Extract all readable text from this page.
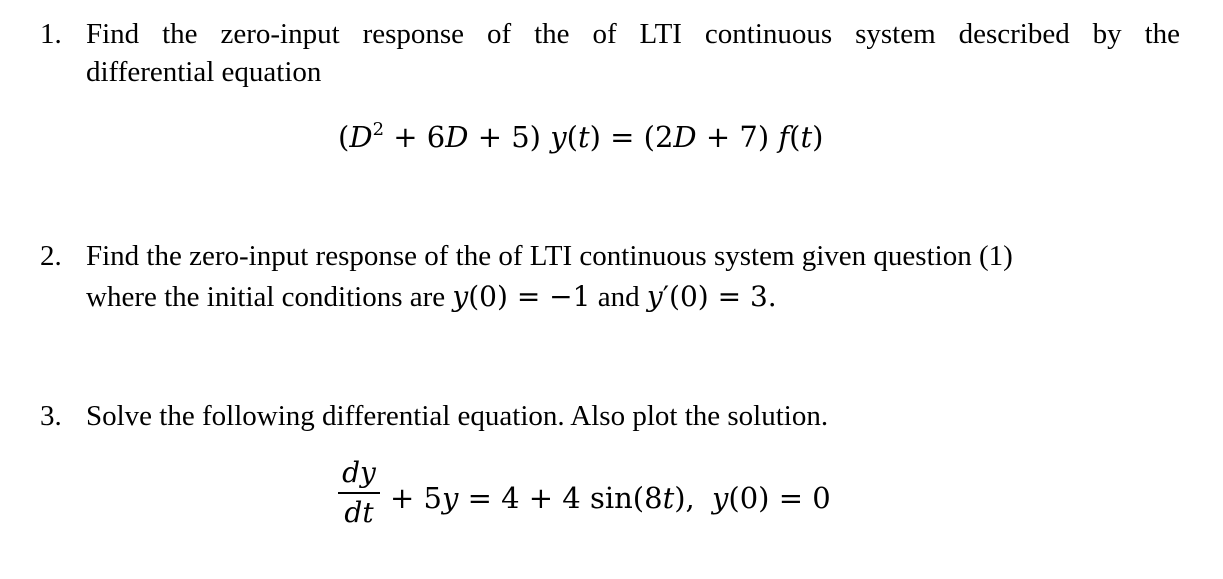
1. Find the zero-input response of the of LTI continuous system described by the
differential equation
$(D^2 + 6D + 5) y(t) = (2D + 7)$ f(t)
2. Find the zero-input response of the of LTI continuous system given question (1)
where the initial conditions are y(0) = −1 and y′(0) = 3.
3. Solve the following differential equation. Also plot the solution.
dy
dt + 5y = 4 + 4 sin(8t), y(0) = 0
